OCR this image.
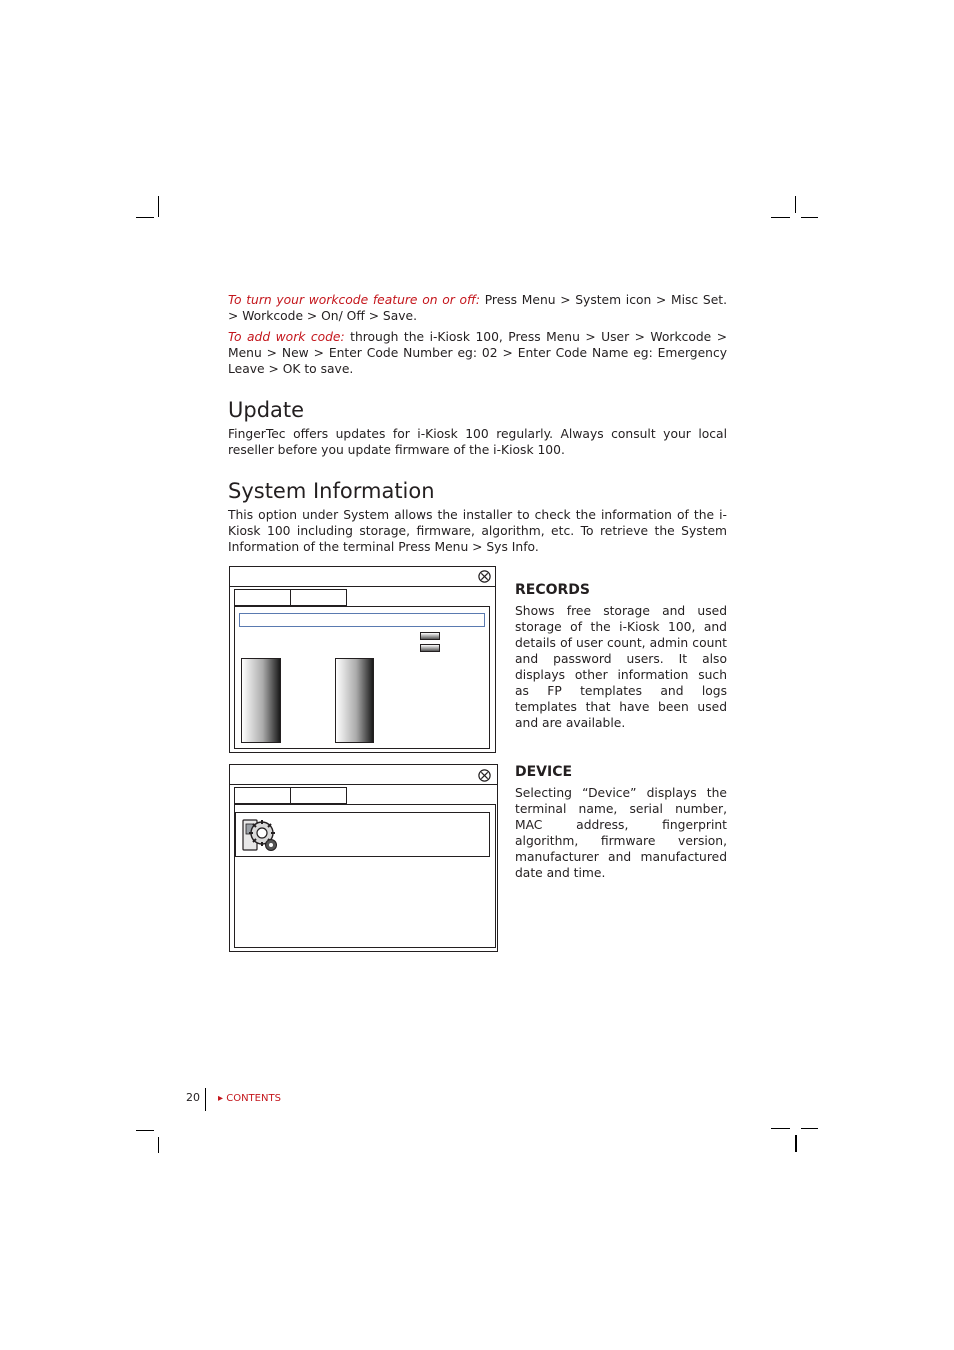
To turn your workcode feature on or off: Press Menu > System icon > Misc Set. > Workcode > On/ Off > Save.

To add work code: through the i-Kiosk 100, Press Menu > User > Workcode > Menu > New > Enter Code Number eg: 02 > Enter Code Name eg: Emergency Leave > OK to save.

Update

FingerTec offers updates for i-Kiosk 100 regularly. Always consult your local reseller before you update firmware of the i-Kiosk 100.

System Information

This option under System allows the installer to check the information of the i-Kiosk 100 including storage, firmware, algorithm, etc. To retrieve the System Information of the terminal Press Menu > Sys Info.

RECORDS

Shows free storage and used storage of the i-Kiosk 100, and details of user count, admin count and password users. It also displays other information such as FP templates and logs templates that have been used and are available.

DEVICE

Selecting “Device” displays the terminal name, serial number, MAC address, fingerprint algorithm, firmware version, manufacturer and manufactured date and time.

20 ▸ CONTENTS
